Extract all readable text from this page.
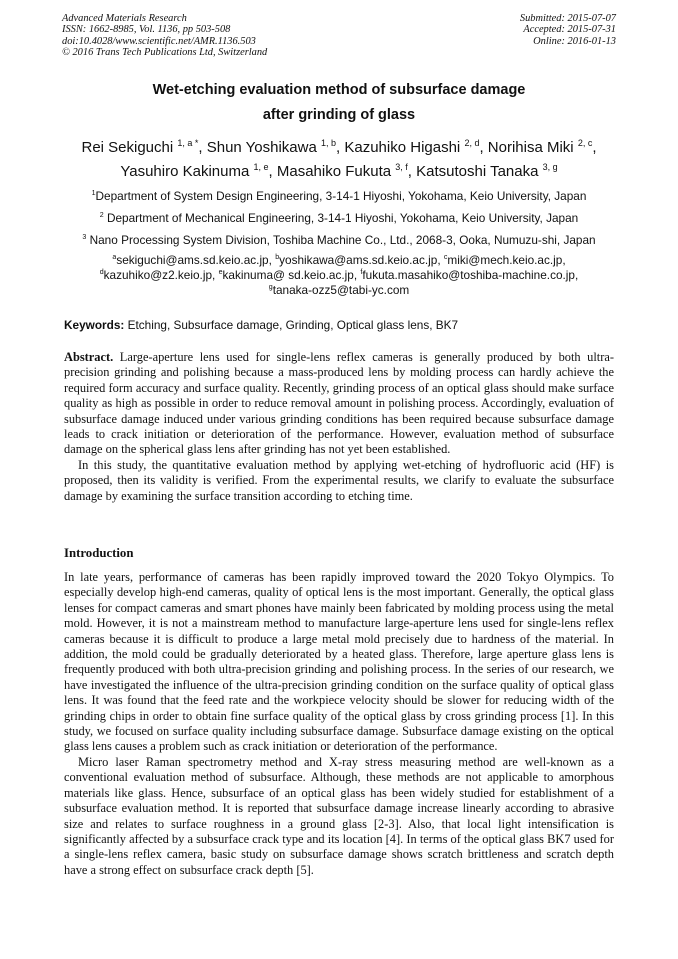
Advanced Materials Research
ISSN: 1662-8985, Vol. 1136, pp 503-508
doi:10.4028/www.scientific.net/AMR.1136.503
© 2016 Trans Tech Publications Ltd, Switzerland
Submitted: 2015-07-07
Accepted: 2015-07-31
Online: 2016-01-13
Wet-etching evaluation method of subsurface damage
after grinding of glass
Rei Sekiguchi $^{1, a *}$, Shun Yoshikawa $^{1, b}$, Kazuhiko Higashi $^{2, d}$, Norihisa Miki $^{2, c}$,
Yasuhiro Kakinuma $^{1, e}$, Masahiko Fukuta $^{3, f}$, Katsutoshi Tanaka $^{3, g}$
$^1$Department of System Design Engineering, 3-14-1 Hiyoshi, Yokohama, Keio University, Japan
$^2$ Department of Mechanical Engineering, 3-14-1 Hiyoshi, Yokohama, Keio University, Japan
$^3$ Nano Processing System Division, Toshiba Machine Co., Ltd., 2068-3, Ooka, Numuzu-shi, Japan
$^a$sekiguchi@ams.sd.keio.ac.jp, $^b$yoshikawa@ams.sd.keio.ac.jp, $^c$miki@mech.keio.ac.jp,
$^d$kazuhiko@z2.keio.jp, $^e$kakinuma@ sd.keio.ac.jp, $^f$fukuta.masahiko@toshiba-machine.co.jp,
$^g$tanaka-ozz5@tabi-yc.com
Keywords: Etching, Subsurface damage, Grinding, Optical glass lens, BK7

Abstract. Large-aperture lens used for single-lens reflex cameras is generally produced by both ultra-precision grinding and polishing because a mass-produced lens by molding process can hardly achieve the required form accuracy and surface quality. Recently, grinding process of an optical glass should make surface quality as high as possible in order to reduce removal amount in polishing process. Accordingly, evaluation of subsurface damage induced under various grinding conditions has been required because subsurface damage leads to crack initiation or deterioration of the performance. However, evaluation method of subsurface damage on the spherical glass lens after grinding has not yet been established.

In this study, the quantitative evaluation method by applying wet-etching of hydrofluoric acid (HF) is proposed, then its validity is verified. From the experimental results, we clarify to evaluate the subsurface damage by examining the surface transition according to etching time.

Introduction

In late years, performance of cameras has been rapidly improved toward the 2020 Tokyo Olympics. To especially develop high-end cameras, quality of optical lens is the most important. Generally, the optical glass lenses for compact cameras and smart phones have mainly been fabricated by molding process using the metal mold. However, it is not a mainstream method to manufacture large-aperture lens used for single-lens reflex cameras because it is difficult to produce a large metal mold precisely due to hardness of the material. In addition, the mold could be gradually deteriorated by a heated glass. Therefore, large aperture glass lens is frequently produced with both ultra-precision grinding and polishing process. In the series of our research, we have investigated the influence of the ultra-precision grinding condition on the surface quality of optical glass lens. It was found that the feed rate and the workpiece velocity should be slower for reducing width of the grinding chips in order to obtain fine surface quality of the optical glass by cross grinding process [1]. In this study, we focused on surface quality including subsurface damage. Subsurface damage existing on the optical glass lens causes a problem such as crack initiation or deterioration of the performance.

Micro laser Raman spectrometry method and X-ray stress measuring method are well-known as a conventional evaluation method of subsurface. Although, these methods are not applicable to amorphous materials like glass. Hence, subsurface of an optical glass has been widely studied for establishment of a subsurface evaluation method. It is reported that subsurface damage increase linearly according to abrasive size and relates to surface roughness in a ground glass [2-3]. Also, that local light intensification is significantly affected by a subsurface crack type and its location [4]. In terms of the optical glass BK7 used for a single-lens reflex camera, basic study on subsurface damage shows scratch brittleness and scratch depth have a strong effect on subsurface crack depth [5].
